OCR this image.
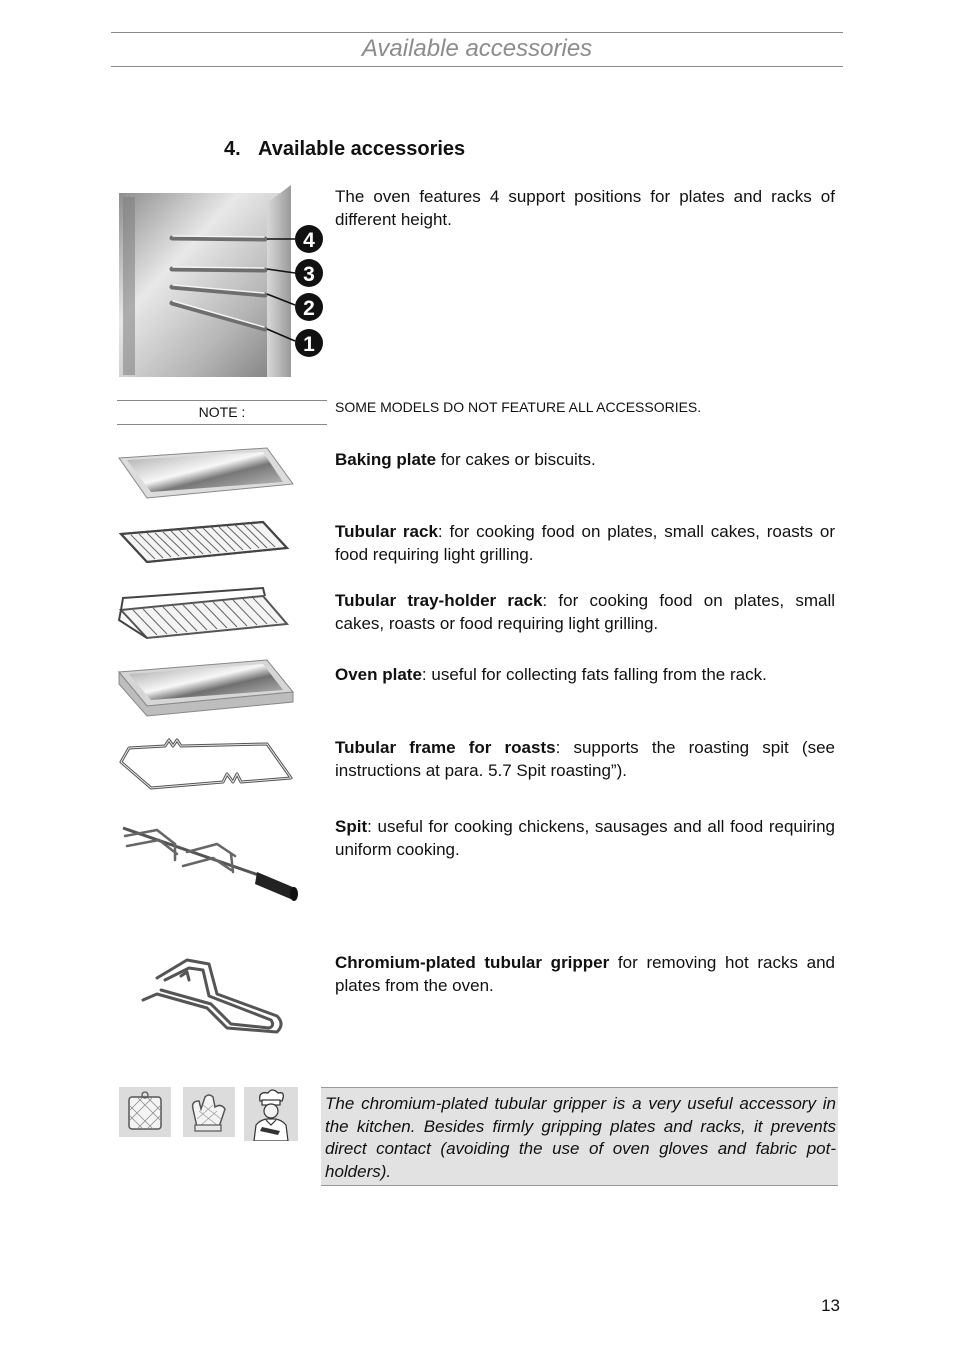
Available accessories
4. Available accessories
4
3
2
1

The oven features 4 support positions for plates and racks of different height.

NOTE :	SOME MODELS DO NOT FEATURE ALL ACCESSORIES.

Baking plate for cakes or biscuits.

Tubular rack: for cooking food on plates, small cakes, roasts or food requiring light grilling.

Tubular tray-holder rack: for cooking food on plates, small cakes, roasts or food requiring light grilling.

Oven plate: useful for collecting fats falling from the rack.

Tubular frame for roasts: supports the roasting spit (see instructions at para. 5.7 Spit roasting”).

Spit: useful for cooking chickens, sausages and all food requiring uniform cooking.

Chromium-plated tubular gripper for removing hot racks and plates from the oven.

The chromium-plated tubular gripper is a very useful accessory in the kitchen. Besides firmly gripping plates and racks, it prevents direct contact (avoiding the use of oven gloves and fabric pot-holders).

13
